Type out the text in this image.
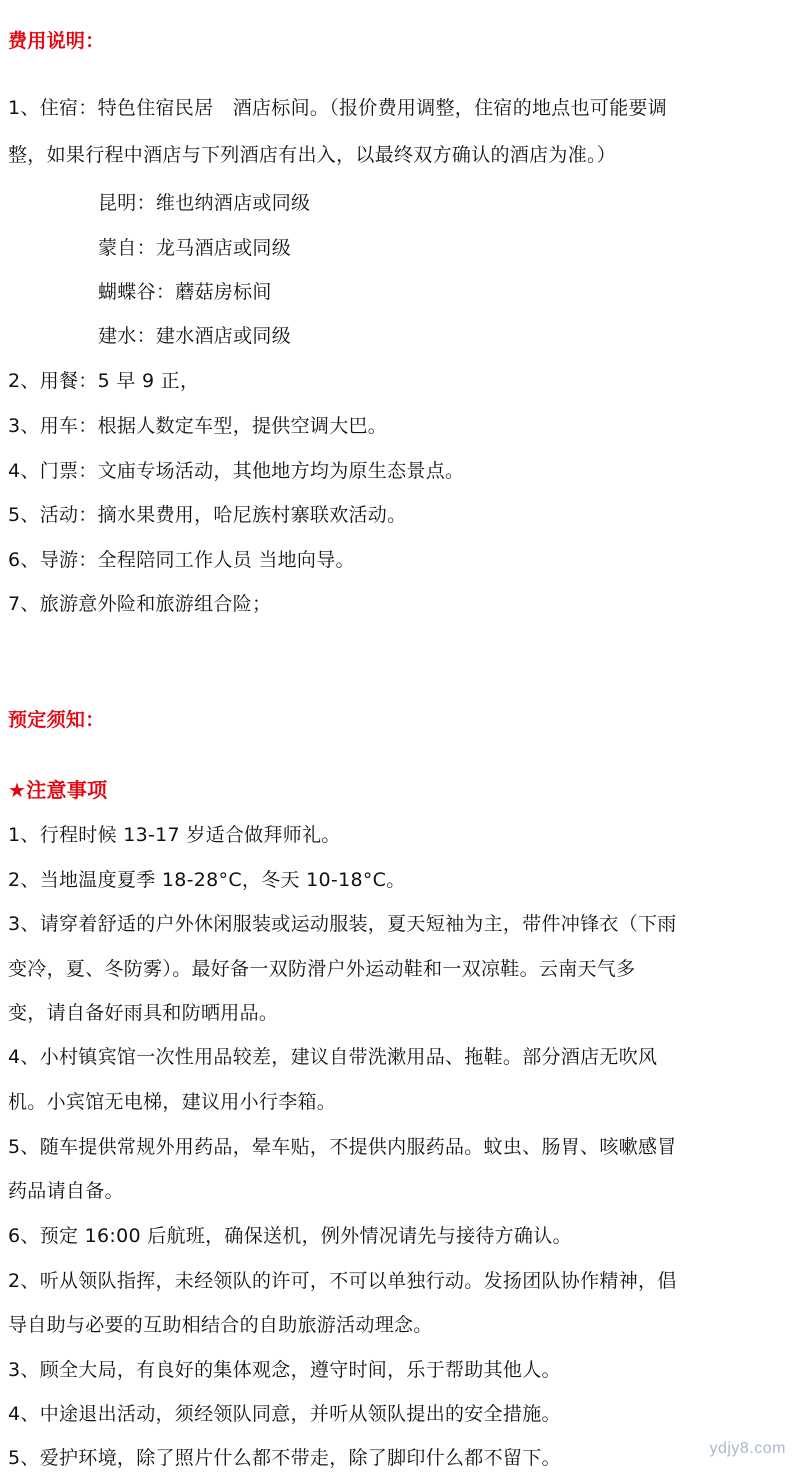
费用说明：
1、住宿：特色住宿民居　酒店标间。（报价费用调整，住宿的地点也可能要调
整，如果行程中酒店与下列酒店有出入，以最终双方确认的酒店为准。）
昆明：维也纳酒店或同级
蒙自：龙马酒店或同级
蝴蝶谷：蘑菇房标间
建水：建水酒店或同级
2、用餐：5 早 9 正，
3、用车：根据人数定车型，提供空调大巴。
4、门票：文庙专场活动，其他地方均为原生态景点。
5、活动：摘水果费用，哈尼族村寨联欢活动。
6、导游：全程陪同工作人员 当地向导。
7、旅游意外险和旅游组合险；
预定须知：
★注意事项
1、行程时候 13-17 岁适合做拜师礼。
2、当地温度夏季 18-28°C，冬天 10-18°C。
3、请穿着舒适的户外休闲服装或运动服装，夏天短袖为主，带件冲锋衣（下雨
变冷，夏、冬防雾）。最好备一双防滑户外运动鞋和一双凉鞋。云南天气多
变，请自备好雨具和防晒用品。
4、小村镇宾馆一次性用品较差，建议自带洗漱用品、拖鞋。部分酒店无吹风
机。小宾馆无电梯，建议用小行李箱。
5、随车提供常规外用药品，晕车贴，不提供内服药品。蚊虫、肠胃、咳嗽感冒
药品请自备。
6、预定 16:00 后航班，确保送机，例外情况请先与接待方确认。
2、听从领队指挥，未经领队的许可，不可以单独行动。发扬团队协作精神，倡
导自助与必要的互助相结合的自助旅游活动理念。
3、顾全大局，有良好的集体观念，遵守时间，乐于帮助其他人。
4、中途退出活动，须经领队同意，并听从领队提出的安全措施。
5、爱护环境，除了照片什么都不带走，除了脚印什么都不留下。	ydjy8.com
